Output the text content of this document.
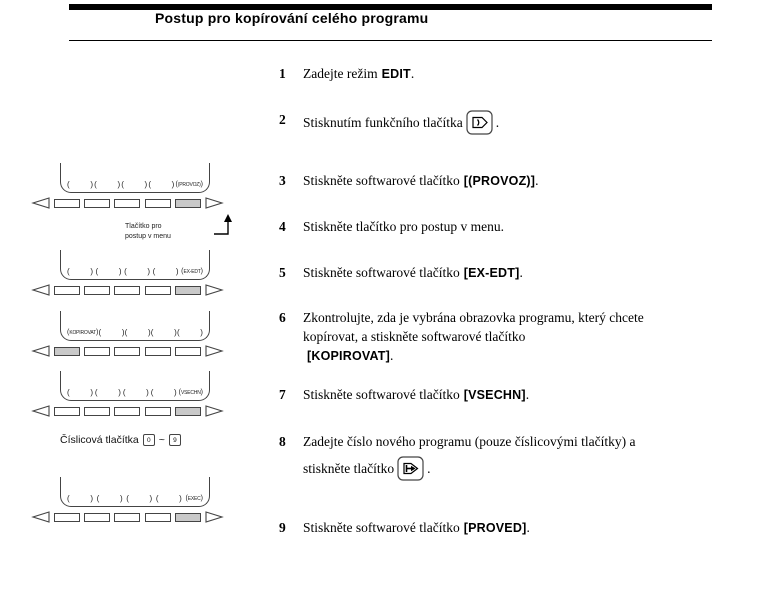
Postup pro kopírování celého programu
(	) (	) (	) (	) ( (PROVOZ) )
Tlačítko pro
postup v menu
(	) (	) (	) (	) ( EX-EDT )
( KOPIROVAT ) (	) (	) (	) (	)
(	) (	) (	) (	) ( VSECHN )
Číslicová tlačítka	0 ~	9
(	) (	) (	) (	) ( EXEC )
1	Zadejte režim EDIT.
2	Stisknutím funkčního tlačítka .
3	Stiskněte softwarové tlačítko [(PROVOZ)].
4	Stiskněte tlačítko pro postup v menu.
5	Stiskněte softwarové tlačítko [EX-EDT].
6	Zkontrolujte, zda je vybrána obrazovka programu, který chcete
kopírovat, a stiskněte softwarové tlačítko
[KOPIROVAT].
7	Stiskněte softwarové tlačítko [VSECHN].
8	Zadejte číslo nového programu (pouze číslicovými tlačítky) a
stiskněte tlačítko .
9	Stiskněte softwarové tlačítko [PROVED].
